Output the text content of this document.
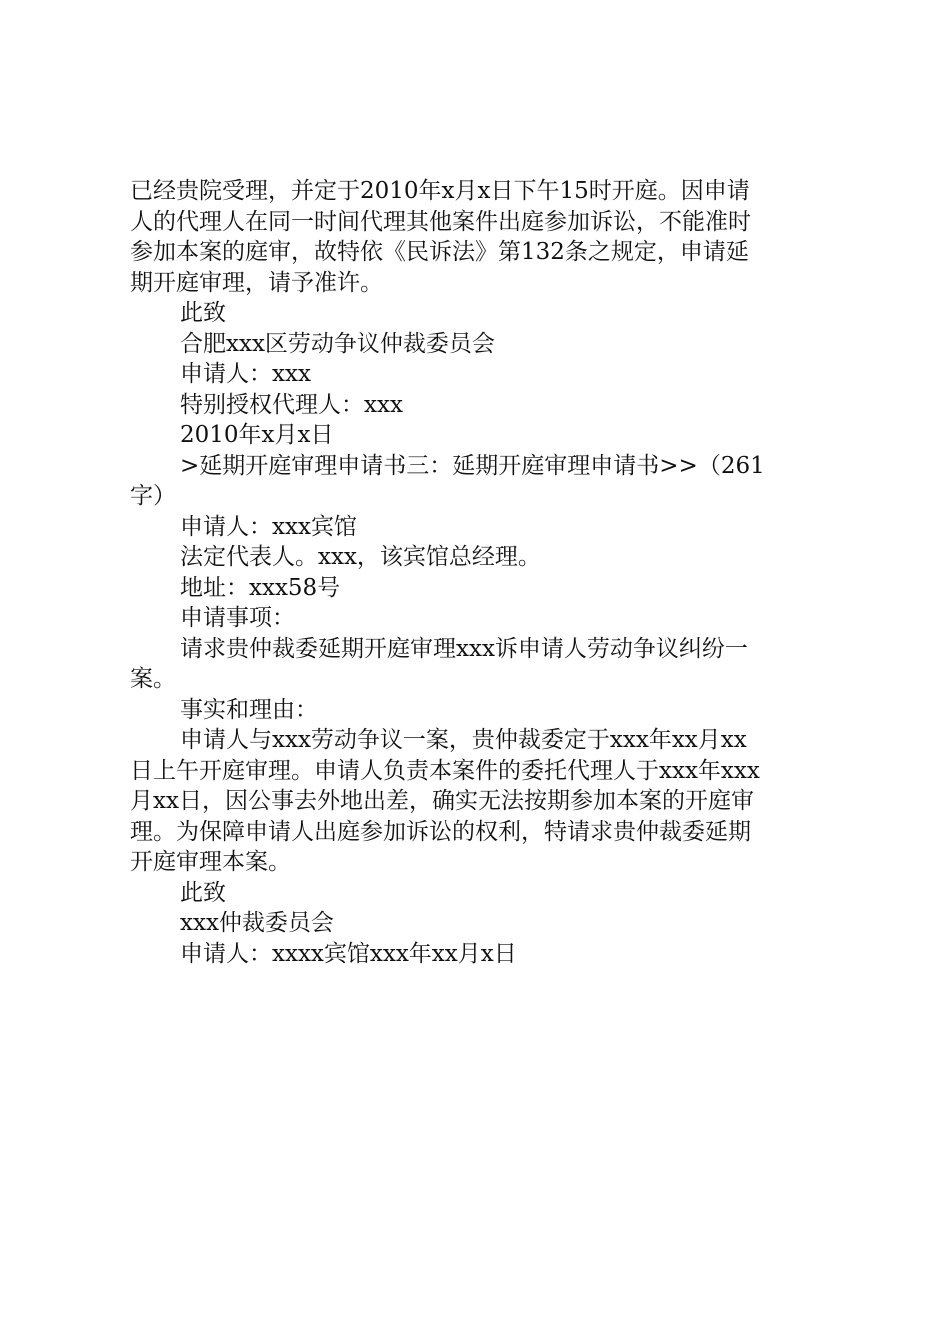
已经贵院受理，并定于2010年x月x日下午15时开庭。因申请
人的代理人在同一时间代理其他案件出庭参加诉讼，不能准时
参加本案的庭审，故特依《民诉法》第132条之规定，申请延
期开庭审理，请予准许。
此致
合肥xxx区劳动争议仲裁委员会
申请人：xxx
特别授权代理人：xxx
2010年x月x日
>延期开庭审理申请书三：延期开庭审理申请书>>（261
字）
申请人：xxx宾馆
法定代表人。xxx，该宾馆总经理。
地址：xxx58号
申请事项：
请求贵仲裁委延期开庭审理xxx诉申请人劳动争议纠纷一
案。
事实和理由：
申请人与xxx劳动争议一案，贵仲裁委定于xxx年xx月xx
日上午开庭审理。申请人负责本案件的委托代理人于xxx年xxx
月xx日，因公事去外地出差，确实无法按期参加本案的开庭审
理。为保障申请人出庭参加诉讼的权利，特请求贵仲裁委延期
开庭审理本案。
此致
xxx仲裁委员会
申请人：xxxx宾馆xxx年xx月x日
